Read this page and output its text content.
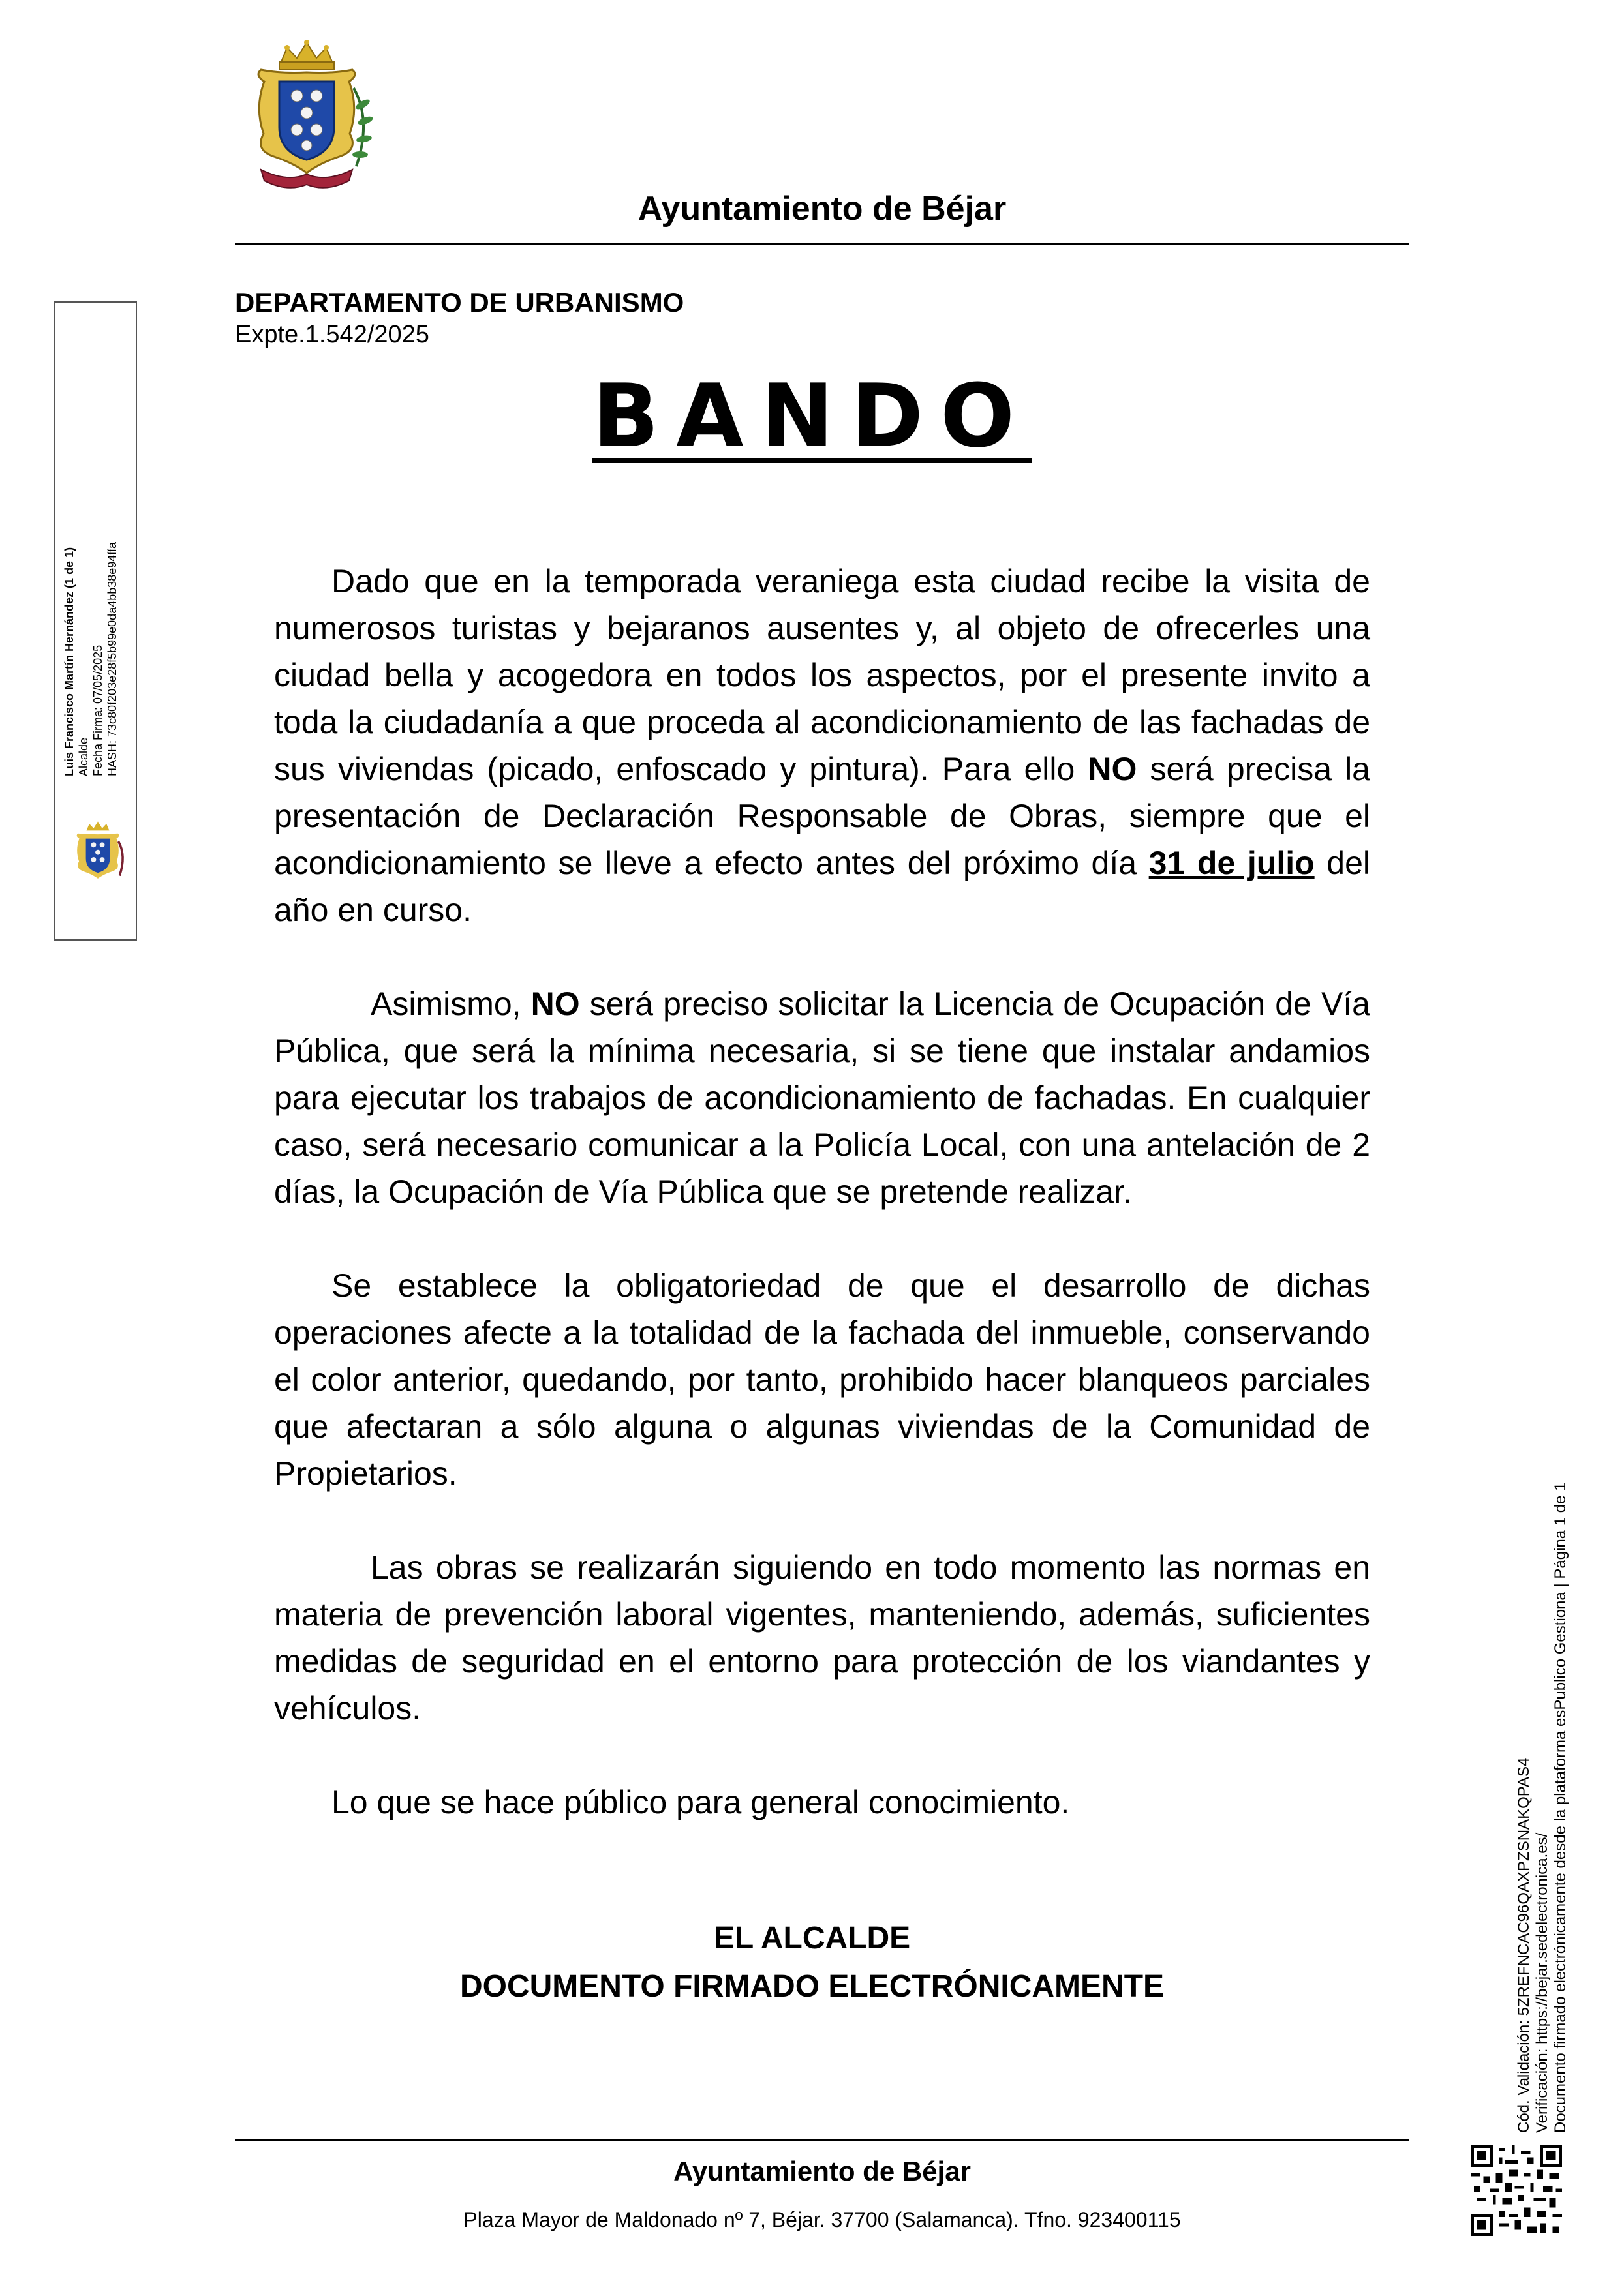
Ayuntamiento de Béjar
DEPARTAMENTO DE URBANISMO
Expte.1.542/2025
BANDO

Dado que en la temporada veraniega esta ciudad recibe la visita de numerosos turistas y bejaranos ausentes y, al objeto de ofrecerles una ciudad bella y acogedora en todos los aspectos, por el presente invito a toda la ciudadanía a que proceda al acondicionamiento de las fachadas de sus viviendas (picado, enfoscado y pintura). Para ello NO será precisa la presentación de Declaración Responsable de Obras, siempre que el acondicionamiento se lleve a efecto antes del próximo día 31 de julio del año en curso.

Asimismo, NO será preciso solicitar la Licencia de Ocupación de Vía Pública, que será la mínima necesaria, si se tiene que instalar andamios para ejecutar los trabajos de acondicionamiento de fachadas. En cualquier caso, será necesario comunicar a la Policía Local, con una antelación de 2 días, la Ocupación de Vía Pública que se pretende realizar.

Se establece la obligatoriedad de que el desarrollo de dichas operaciones afecte a la totalidad de la fachada del inmueble, conservando el color anterior, quedando, por tanto, prohibido hacer blanqueos parciales que afectaran a sólo alguna o algunas viviendas de la Comunidad de Propietarios.

Las obras se realizarán siguiendo en todo momento las normas en materia de prevención laboral vigentes, manteniendo, además, suficientes medidas de seguridad en el entorno para protección de los viandantes y vehículos.

Lo que se hace público para general conocimiento.

EL ALCALDE
DOCUMENTO FIRMADO ELECTRÓNICAMENTE
Ayuntamiento de Béjar
Plaza Mayor de Maldonado nº 7, Béjar. 37700 (Salamanca). Tfno. 923400115
Luis Francisco Martín Hernández (1 de 1) Alcalde Fecha Firma: 07/05/2025 HASH: 73c80f203e28f5b99e0da4bb38e94ffa
Cód. Validación: 5ZREFNCAC96QAXPZSNAKQPAS4 Verificación: https://bejar.sedelectronica.es/ Documento firmado electrónicamente desde la plataforma esPublico Gestiona | Página 1 de 1
